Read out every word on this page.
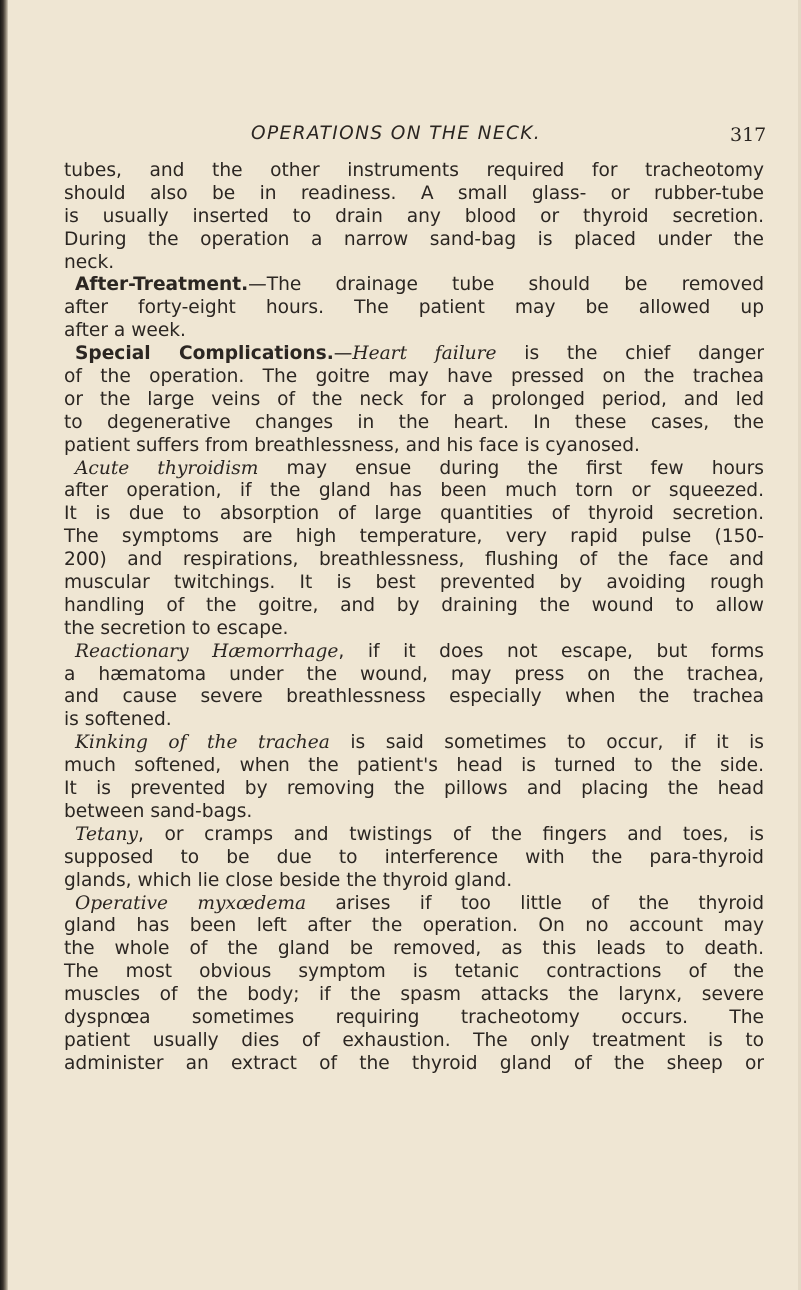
OPERATIONS ON THE NECK.	317
tubes, and the other instruments required for tracheotomy
should also be in readiness. A small glass- or rubber-tube
is usually inserted to drain any blood or thyroid secretion.
During the operation a narrow sand-bag is placed under the
neck.
After-Treatment.—The drainage tube should be removed
after forty-eight hours. The patient may be allowed up
after a week.
Special Complications.—Heart failure is the chief danger
of the operation. The goitre may have pressed on the trachea
or the large veins of the neck for a prolonged period, and led
to degenerative changes in the heart. In these cases, the
patient suffers from breathlessness, and his face is cyanosed.
Acute thyroidism may ensue during the first few hours
after operation, if the gland has been much torn or squeezed.
It is due to absorption of large quantities of thyroid secretion.
The symptoms are high temperature, very rapid pulse (150-
200) and respirations, breathlessness, flushing of the face and
muscular twitchings. It is best prevented by avoiding rough
handling of the goitre, and by draining the wound to allow
the secretion to escape.
Reactionary Hæmorrhage, if it does not escape, but forms
a hæmatoma under the wound, may press on the trachea,
and cause severe breathlessness especially when the trachea
is softened.
Kinking of the trachea is said sometimes to occur, if it is
much softened, when the patient's head is turned to the side.
It is prevented by removing the pillows and placing the head
between sand-bags.
Tetany, or cramps and twistings of the fingers and toes, is
supposed to be due to interference with the para-thyroid
glands, which lie close beside the thyroid gland.
Operative myxœdema arises if too little of the thyroid
gland has been left after the operation. On no account may
the whole of the gland be removed, as this leads to death.
The most obvious symptom is tetanic contractions of the
muscles of the body; if the spasm attacks the larynx, severe
dyspnœa sometimes requiring tracheotomy occurs. The
patient usually dies of exhaustion. The only treatment is to
administer an extract of the thyroid gland of the sheep or
